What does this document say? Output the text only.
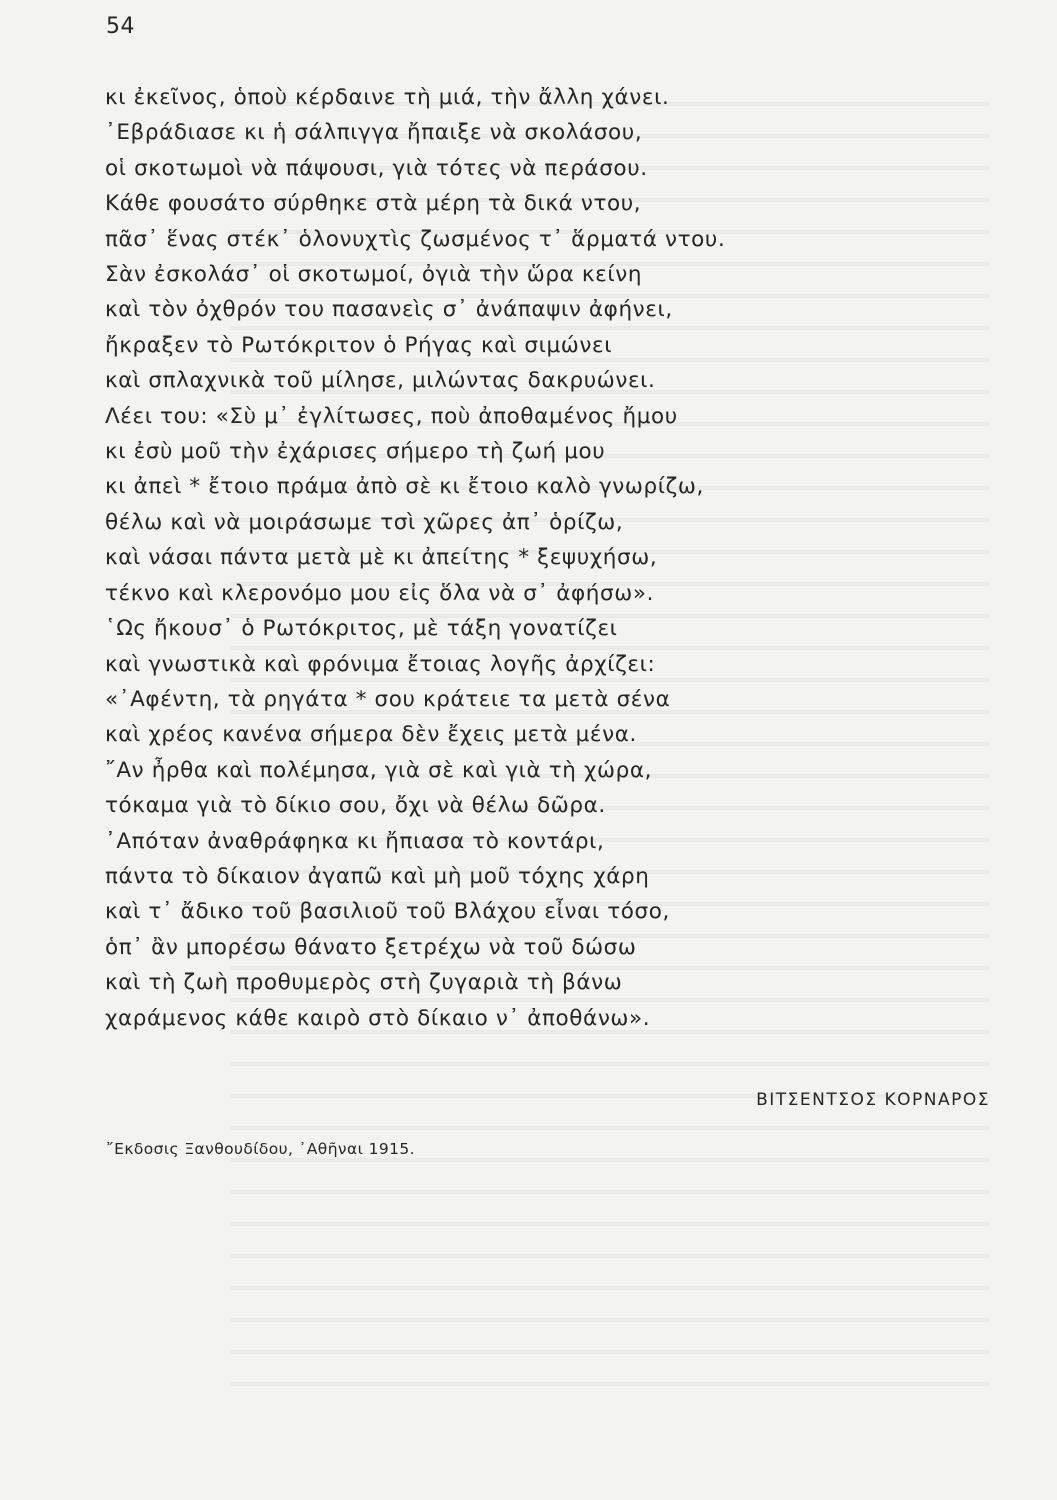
54
κι ἐκεῖνος, ὁποὺ κέρδαινε τὴ μιά, τὴν ἄλλη χάνει.
᾿Εβράδιασε κι ἡ σάλπιγγα ἤπαιξε νὰ σκολάσου,
οἱ σκοτωμοὶ νὰ πάψουσι, γιὰ τότες νὰ περάσου.
Κάθε φουσάτο σύρθηκε στὰ μέρη τὰ δικά ντου,
πᾶσ᾿ ἕνας στέκ᾿ ὁλονυχτὶς ζωσμένος τ᾿ ἅρματά ντου.
Σὰν ἐσκολάσ᾿ οἱ σκοτωμοί, ὀγιὰ τὴν ὥρα κείνη
καὶ τὸν ὀχθρόν του πασανεὶς σ᾿ ἀνάπαψιν ἀφήνει,
ἤκραξεν τὸ Ρωτόκριτον ὁ Ρήγας καὶ σιμώνει
καὶ σπλαχνικὰ τοῦ μίλησε, μιλώντας δακρυώνει.
Λέει του: «Σὺ μ᾿ ἐγλίτωσες, ποὺ ἀποθαμένος ἤμου
κι ἐσὺ μοῦ τὴν ἐχάρισες σήμερο τὴ ζωή μου
κι ἀπεὶ * ἔτοιο πράμα ἀπὸ σὲ κι ἔτοιο καλὸ γνωρίζω,
θέλω καὶ νὰ μοιράσωμε τσὶ χῶρες ἀπ᾿ ὁρίζω,
καὶ νάσαι πάντα μετὰ μὲ κι ἀπείτης * ξεψυχήσω,
τέκνο καὶ κλερονόμο μου εἰς ὅλα νὰ σ᾿ ἀφήσω».
῾Ως ἤκουσ᾿ ὁ Ρωτόκριτος, μὲ τάξη γονατίζει
καὶ γνωστικὰ καὶ φρόνιμα ἔτοιας λογῆς ἀρχίζει:
«᾿Αφέντη, τὰ ρηγάτα * σου κράτειε τα μετὰ σένα
καὶ χρέος κανένα σήμερα δὲν ἔχεις μετὰ μένα.
῎Αν ἦρθα καὶ πολέμησα, γιὰ σὲ καὶ γιὰ τὴ χώρα,
τόκαμα γιὰ τὸ δίκιο σου, ὄχι νὰ θέλω δῶρα.
᾿Απόταν ἀναθράφηκα κι ἤπιασα τὸ κοντάρι,
πάντα τὸ δίκαιον ἀγαπῶ καὶ μὴ μοῦ τόχης χάρη
καὶ τ᾿ ἄδικο τοῦ βασιλιοῦ τοῦ Βλάχου εἶναι τόσο,
ὁπ᾿ ἂν μπορέσω θάνατο ξετρέχω νὰ τοῦ δώσω
καὶ τὴ ζωὴ προθυμερὸς στὴ ζυγαριὰ τὴ βάνω
χαράμενος κάθε καιρὸ στὸ δίκαιο ν᾿ ἀποθάνω».
ΒΙΤΣΕΝΤΣΟΣ ΚΟΡΝΑΡΟΣ
῎Εκδοσις Ξανθουδίδου, ᾿Αθῆναι 1915.
